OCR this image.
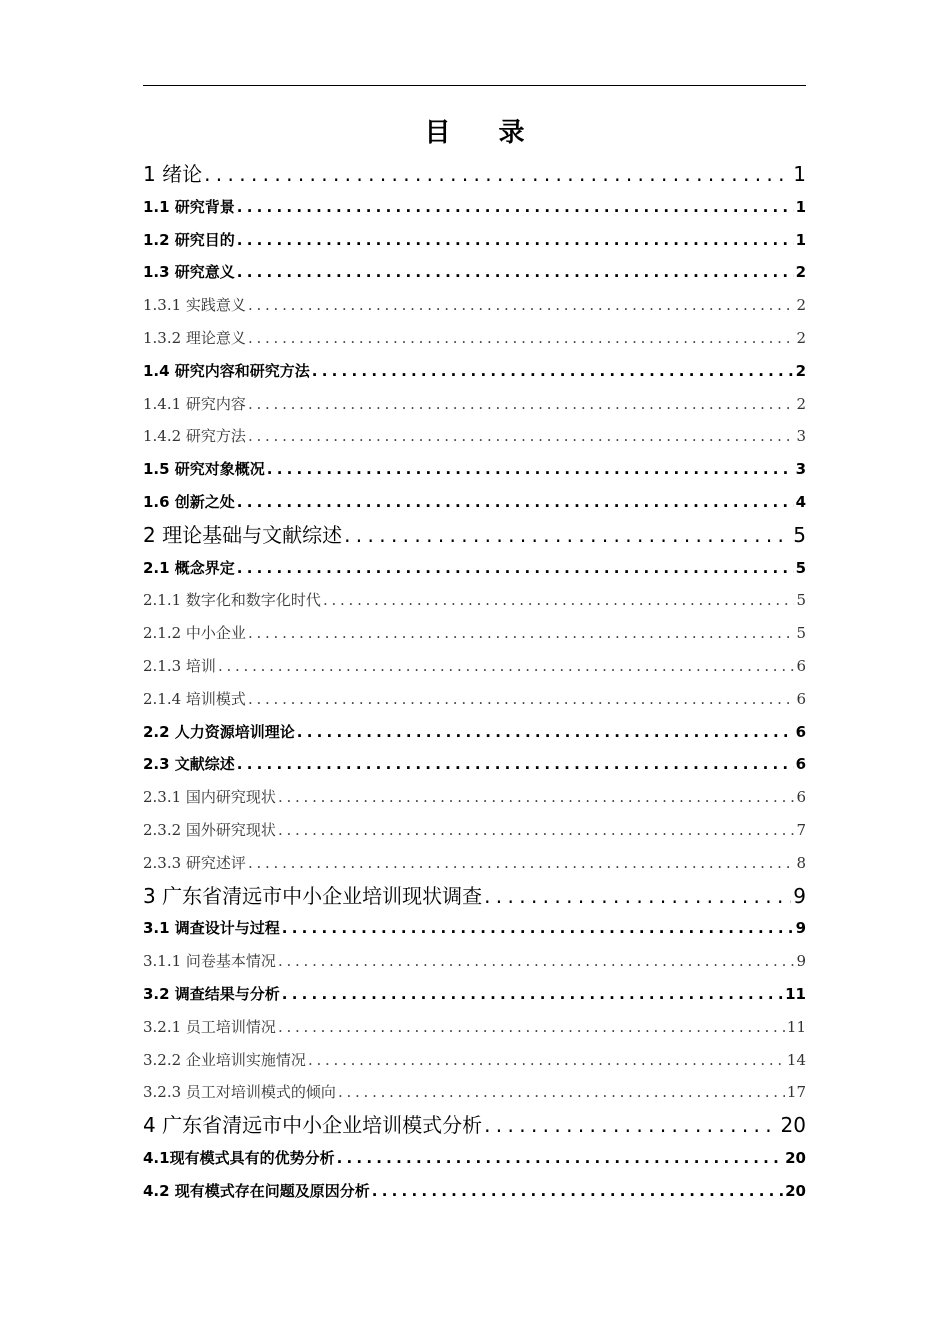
目 录
1 绪论 . . .	1
1.1 研究背景 . . .	1
1.2 研究目的 . . .	1
1.3 研究意义 . . .	2
1.3.1 实践意义 . . .	2
1.3.2 理论意义 . . .	2
1.4 研究内容和研究方法 . . .	2
1.4.1 研究内容 . . .	2
1.4.2 研究方法 . . .	3
1.5 研究对象概况 . . .	3
1.6 创新之处 . . .	4
2 理论基础与文献综述 . . .	5
2.1 概念界定 . . .	5
2.1.1 数字化和数字化时代 . . .	5
2.1.2 中小企业 . . .	5
2.1.3 培训 . . .	6
2.1.4 培训模式 . . .	6
2.2 人力资源培训理论 . . .	6
2.3 文献综述 . . .	6
2.3.1 国内研究现状 . . .	6
2.3.2 国外研究现状 . . .	7
2.3.3 研究述评 . . .	8
3 广东省清远市中小企业培训现状调查 . . .	9
3.1 调查设计与过程 . . .	9
3.1.1 问卷基本情况 . . .	9
3.2 调查结果与分析 . . .	11
3.2.1 员工培训情况 . . .	11
3.2.2 企业培训实施情况 . . .	14
3.2.3 员工对培训模式的倾向 . . .	17
4 广东省清远市中小企业培训模式分析 . . .	20
4.1现有模式具有的优势分析 . . .	20
4.2 现有模式存在问题及原因分析 . . .	20
